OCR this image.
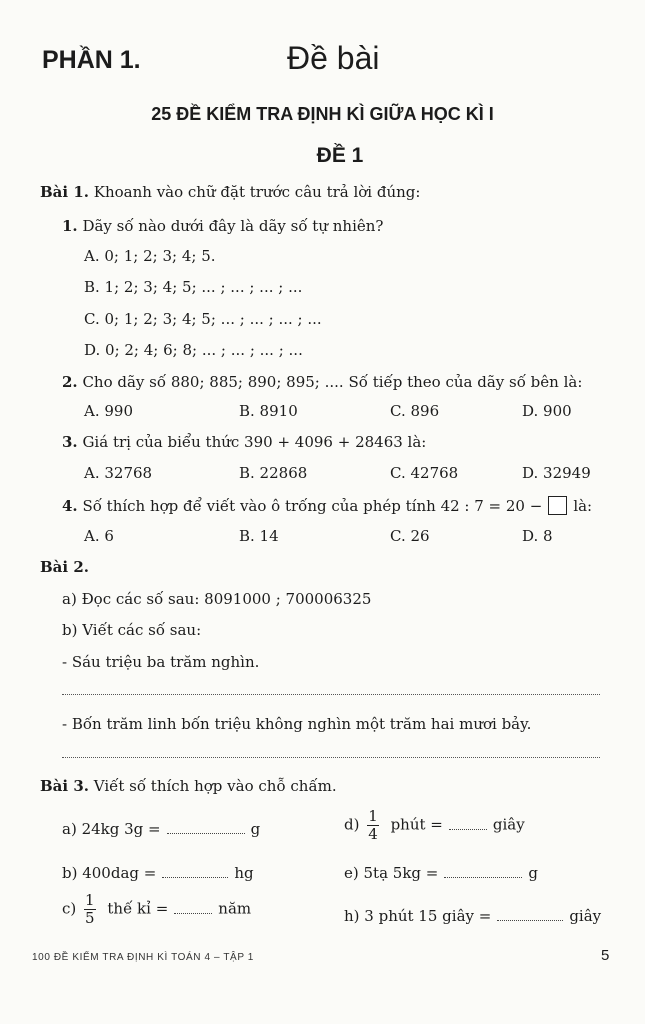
PHẦN 1.	Đề bài
25 ĐỀ KIỂM TRA ĐỊNH KÌ GIỮA HỌC KÌ I
ĐỀ 1
Bài 1. Khoanh vào chữ đặt trước câu trả lời đúng:
1. Dãy số nào dưới đây là dãy số tự nhiên?
A. 0; 1; 2; 3; 4; 5.
B. 1; 2; 3; 4; 5; ... ; ... ; ... ; ...
C. 0; 1; 2; 3; 4; 5; ... ; ... ; ... ; ...
D. 0; 2; 4; 6; 8; ... ; ... ; ... ; ...
2. Cho dãy số 880; 885; 890; 895; .... Số tiếp theo của dãy số bên là:
A. 990	B. 8910	C. 896	D. 900
3. Giá trị của biểu thức 390 + 4096 + 28463 là:
A. 32768	B. 22868	C. 42768	D. 32949
4. Số thích hợp để viết vào ô trống của phép tính 42 : 7 = 20 − là:
A. 6	B. 14	C. 26	D. 8
Bài 2.
a) Đọc các số sau: 8091000 ; 700006325
b) Viết các số sau:
- Sáu triệu ba trăm nghìn.
- Bốn trăm linh bốn triệu không nghìn một trăm hai mươi bảy.
Bài 3. Viết số thích hợp vào chỗ chấm.
a) 24kg 3g =	g	$d) \frac{1}{4}$ phút =	giây
b) 400dag =	hg	e) 5tạ 5kg =	g
$c) \frac{1}{5}$ thế kỉ =	năm	h) 3 phút 15 giây =	giây
100 ĐỀ KIỂM TRA ĐỊNH KÌ TOÁN 4 – TẬP 1	5
